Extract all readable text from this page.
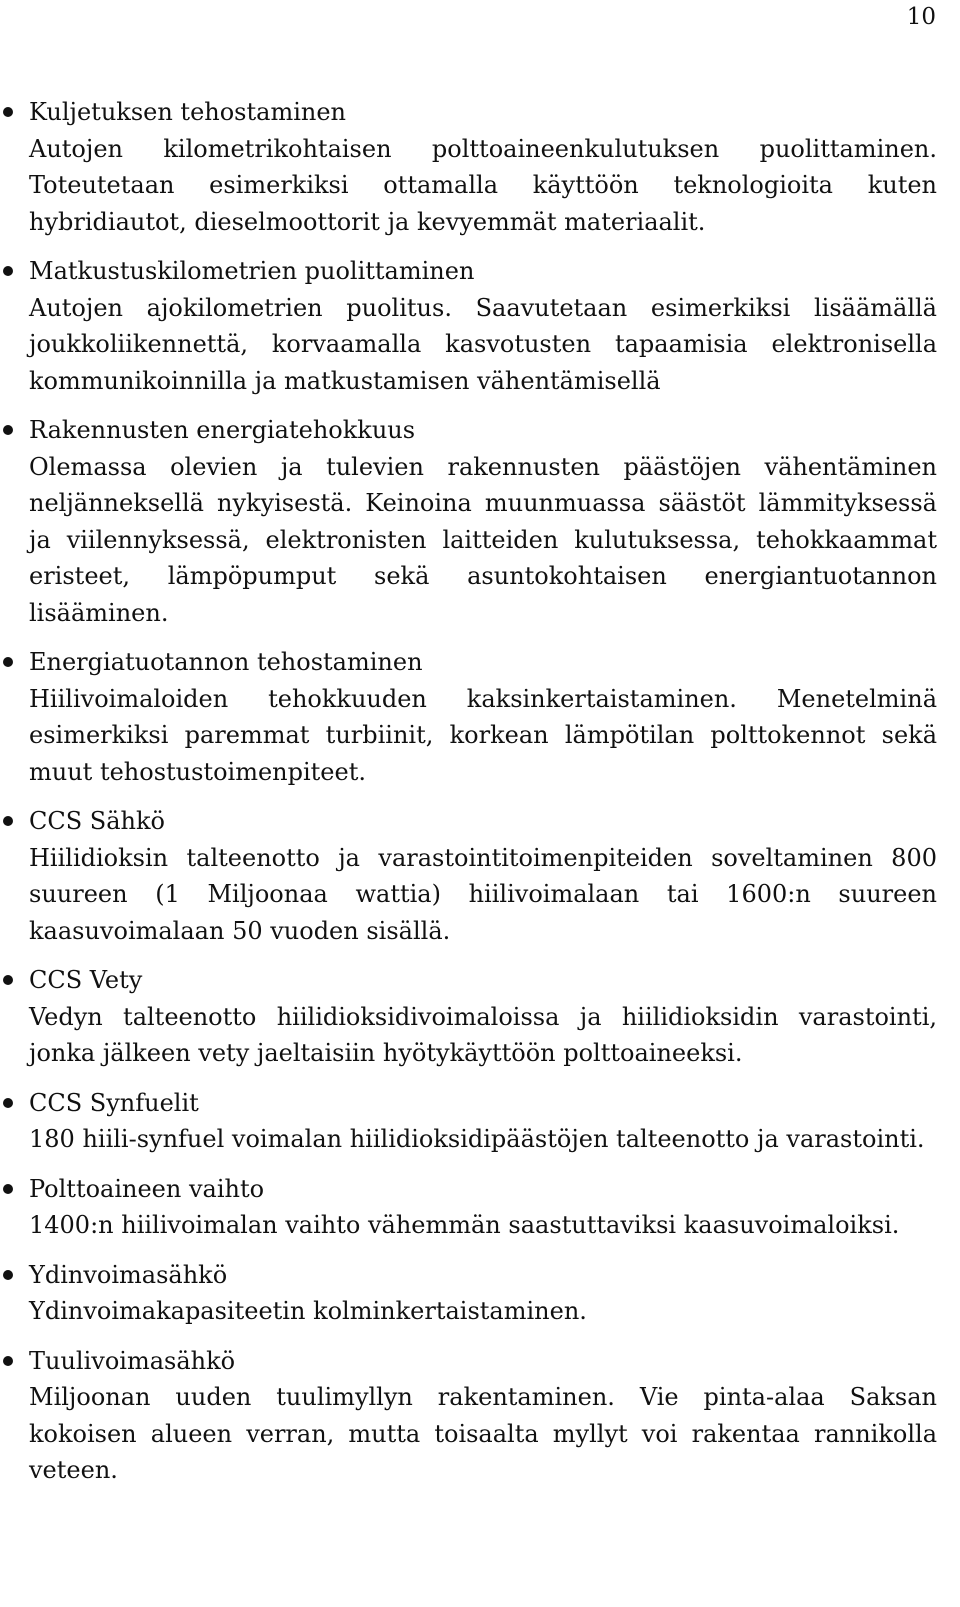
10
Kuljetuksen tehostaminen
Autojen kilometrikohtaisen polttoaineenkulutuksen puolittaminen. Toteutetaan esimerkiksi ottamalla käyttöön teknologioita kuten hybridiautot, dieselmoottorit ja kevyemmät materiaalit.
Matkustuskilometrien puolittaminen
Autojen ajokilometrien puolitus. Saavutetaan esimerkiksi lisäämällä joukkoliikennettä, korvaamalla kasvotusten tapaamisia elektronisella kommunikoinnilla ja matkustamisen vähentämisellä
Rakennusten energiatehokkuus
Olemassa olevien ja tulevien rakennusten päästöjen vähentäminen neljänneksellä nykyisestä. Keinoina muunmuassa säästöt lämmityksessä ja viilennyksessä, elektronisten laitteiden kulutuksessa, tehokkaammat eristeet, lämpöpumput sekä asuntokohtaisen energiantuotannon lisääminen.
Energiatuotannon tehostaminen
Hiilivoimaloiden tehokkuuden kaksinkertaistaminen. Menetelminä esimerkiksi paremmat turbiinit, korkean lämpötilan polttokennot sekä muut tehostustoimenpiteet.
CCS Sähkö
Hiilidioksin talteenotto ja varastointitoimenpiteiden soveltaminen 800 suureen (1 Miljoonaa wattia) hiilivoimalaan tai 1600:n suureen kaasuvoimalaan 50 vuoden sisällä.
CCS Vety
Vedyn talteenotto hiilidioksidivoimaloissa ja hiilidioksidin varastointi, jonka jälkeen vety jaeltaisiin hyötykäyttöön polttoaineeksi.
CCS Synfuelit
180 hiili-synfuel voimalan hiilidioksidipäästöjen talteenotto ja varastointi.
Polttoaineen vaihto
1400:n hiilivoimalan vaihto vähemmän saastuttaviksi kaasuvoimaloiksi.
Ydinvoimasähkö
Ydinvoimakapasiteetin kolminkertaistaminen.
Tuulivoimasähkö
Miljoonan uuden tuulimyllyn rakentaminen. Vie pinta-alaa Saksan kokoisen alueen verran, mutta toisaalta myllyt voi rakentaa rannikolla veteen.
